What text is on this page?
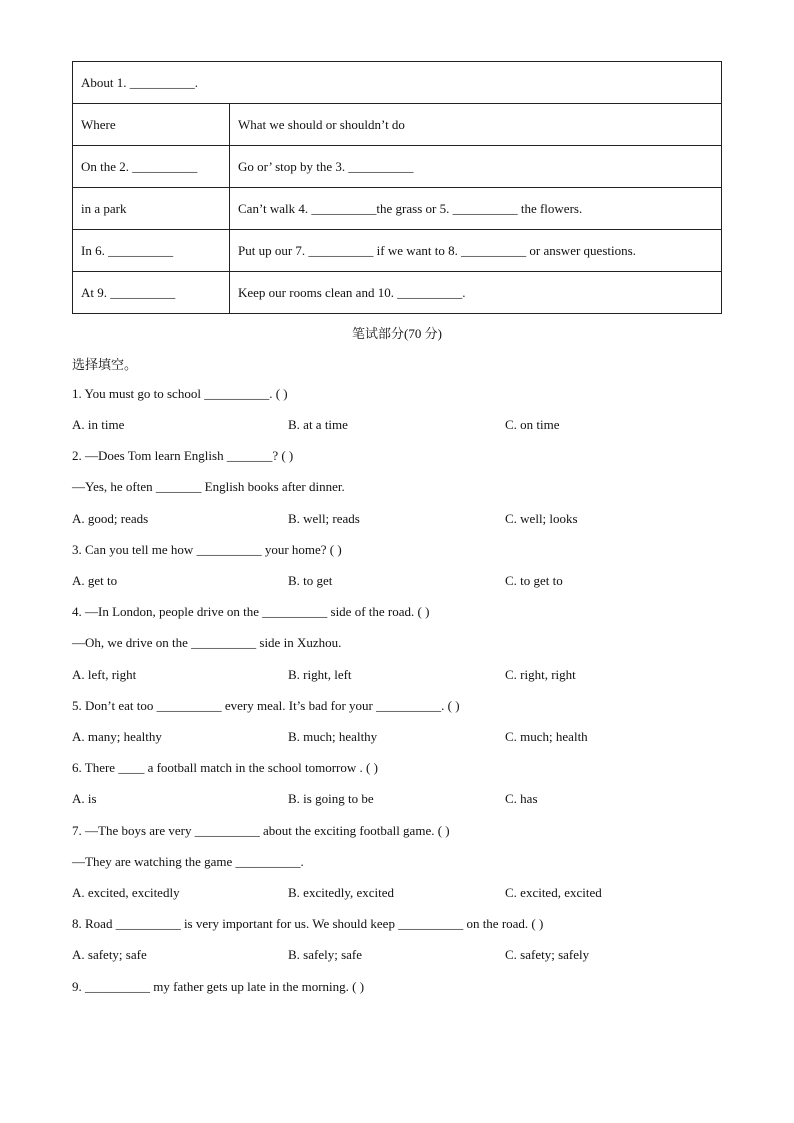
About 1. __________.	
Where	What we should or shouldn’t do
On the 2. __________	Go or’ stop by the 3. __________
in a park	Can’t walk 4. __________the grass or 5. __________ the flowers.
In 6. __________	Put up our 7. __________ if we want to 8. __________ or answer questions.
At 9. __________	Keep our rooms clean and 10. __________.
笔试部分(70 分)
选择填空。
1. You must go to school __________. ( )
A. in time	B. at a time	C. on time
2. —Does Tom learn English _______? ( )
—Yes, he often _______ English books after dinner.
A. good; reads	B. well; reads	C. well; looks
3. Can you tell me how __________ your home? ( )
A. get to	B. to get	C. to get to
4. —In London, people drive on the __________ side of the road. ( )
—Oh, we drive on the __________ side in Xuzhou.
A. left, right	B. right, left	C. right, right
5. Don’t eat too __________ every meal. It’s bad for your __________. ( )
A. many; healthy	B. much; healthy	C. much; health
6. There ____ a football match in the school tomorrow . ( )
A. is	B. is going to be	C. has
7. —The boys are very __________ about the exciting football game. ( )
—They are watching the game __________.
A. excited, excitedly	B. excitedly, excited	C. excited, excited
8. Road __________ is very important for us. We should keep __________ on the road. ( )
A. safety; safe	B. safely; safe	C. safety; safely
9. __________ my father gets up late in the morning. ( )
